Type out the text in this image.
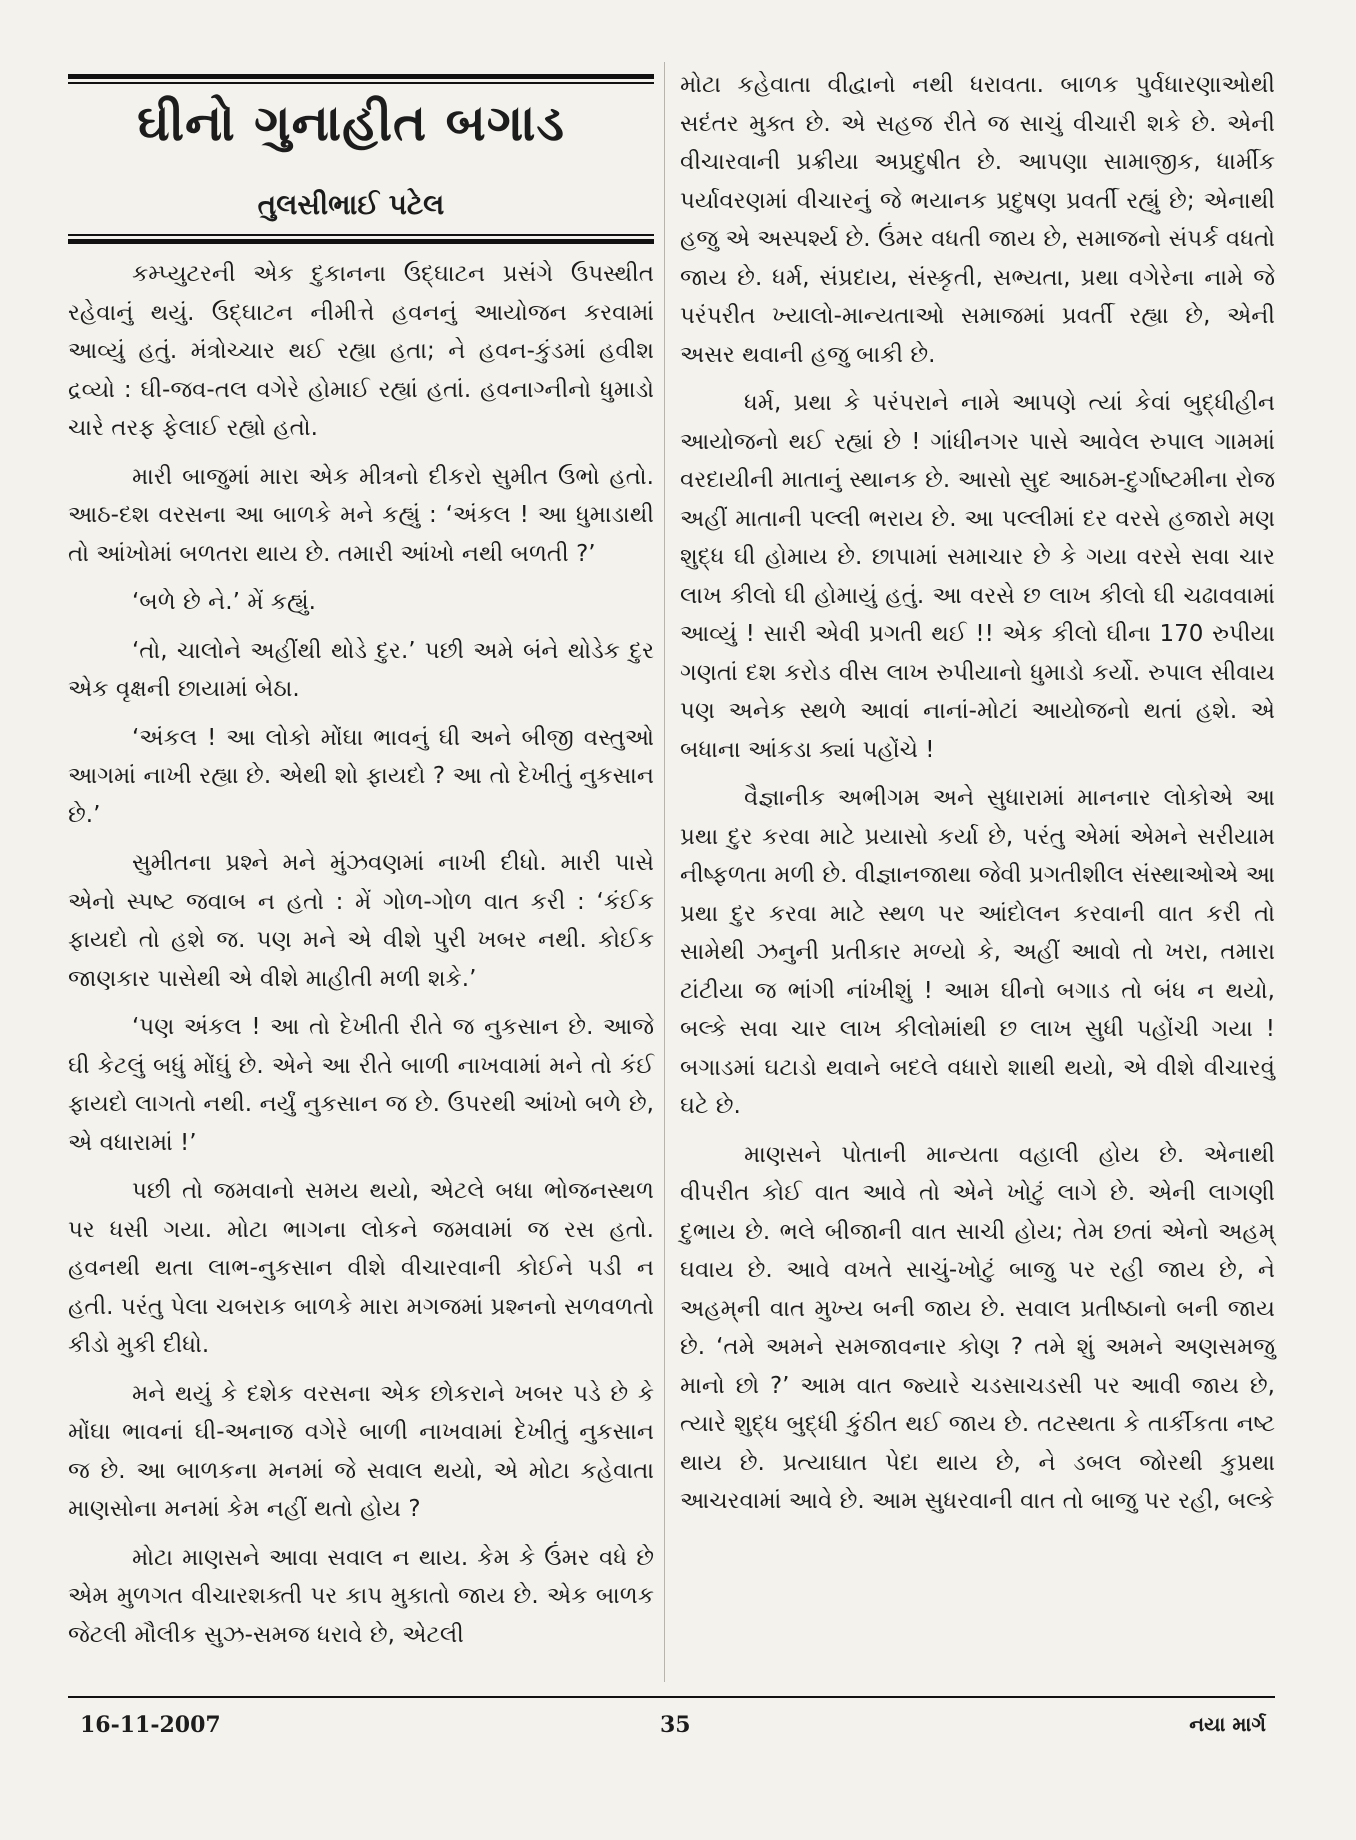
ઘીનો ગુનાહીત બગાડ
તુલસીભાઈ પટેલ

કમ્પ્યુટરની એક દુકાનના ઉદ્‌ઘાટન પ્રસંગે ઉપસ્થીત રહેવાનું થયું. ઉદ્‌ઘાટન નીમીત્તે હવનનું આયોજન કરવામાં આવ્યું હતું. મંત્રોચ્ચાર થઈ રહ્યા હતા; ને હવન-કુંડમાં હવીશ દ્રવ્યો : ઘી-જવ-તલ વગેરે હોમાઈ રહ્યાં હતાં. હવનાગ્નીનો ધુમાડો ચારે તરફ ફેલાઈ રહ્યો હતો.

મારી બાજુમાં મારા એક મીત્રનો દીકરો સુમીત ઉભો હતો. આઠ-દશ વરસના આ બાળકે મને કહ્યું : ‘અંકલ ! આ ધુમાડાથી તો આંખોમાં બળતરા થાય છે. તમારી આંખો નથી બળતી ?’

‘બળે છે ને.’ મેં કહ્યું.

‘તો, ચાલોને અહીંથી થોડે દુર.’ પછી અમે બંને થોડેક દુર એક વૃક્ષની છાયામાં બેઠા.

‘અંકલ ! આ લોકો મોંઘા ભાવનું ઘી અને બીજી વસ્તુઓ આગમાં નાખી રહ્યા છે. એથી શો ફાયદો ? આ તો દેખીતું નુકસાન છે.’

સુમીતના પ્રશ્ને મને મુંઝવણમાં નાખી દીધો. મારી પાસે એનો સ્પષ્ટ જવાબ ન હતો : મેં ગોળ-ગોળ વાત કરી : ‘કંઈક ફાયદો તો હશે જ. પણ મને એ વીશે પુરી ખબર નથી. કોઈક જાણકાર પાસેથી એ વીશે માહીતી મળી શકે.’

‘પણ અંકલ ! આ તો દેખીતી રીતે જ નુકસાન છે. આજે ઘી કેટલું બધું મોંઘું છે. એને આ રીતે બાળી નાખવામાં મને તો કંઈ ફાયદો લાગતો નથી. નર્યું નુકસાન જ છે. ઉપરથી આંખો બળે છે, એ વધારામાં !’

પછી તો જમવાનો સમય થયો, એટલે બધા ભોજનસ્થળ પર ધસી ગયા. મોટા ભાગના લોકને જમવામાં જ રસ હતો. હવનથી થતા લાભ-નુકસાન વીશે વીચારવાની કોઈને પડી ન હતી. પરંતુ પેલા ચબરાક બાળકે મારા મગજમાં પ્રશ્નનો સળવળતો કીડો મુકી દીધો.

મને થયું કે દશેક વરસના એક છોકરાને ખબર પડે છે કે મોંઘા ભાવનાં ઘી-અનાજ વગેરે બાળી નાખવામાં દેખીતું નુકસાન જ છે. આ બાળકના મનમાં જે સવાલ થયો, એ મોટા કહેવાતા માણસોના મનમાં કેમ નહીં થતો હોય ?

મોટા માણસને આવા સવાલ ન થાય. કેમ કે ઉંમર વધે છે એમ મુળગત વીચારશક્તી પર કાપ મુકાતો જાય છે. એક બાળક જેટલી મૌલીક સુઝ-સમજ ધરાવે છે, એટલી

મોટા કહેવાતા વીદ્વાનો નથી ધરાવતા. બાળક પુર્વધારણાઓથી સદંતર મુક્ત છે. એ સહજ રીતે જ સાચું વીચારી શકે છે. એની વીચારવાની પ્રક્રીયા અપ્રદુષીત છે. આપણા સામાજીક, ધાર્મીક પર્યાવરણમાં વીચારનું જે ભયાનક પ્રદુષણ પ્રવર્તી રહ્યું છે; એનાથી હજુ એ અસ્પર્શ્ય છે. ઉંમર વધતી જાય છે, સમાજનો સંપર્ક વધતો જાય છે. ધર્મ, સંપ્રદાય, સંસ્કૃતી, સભ્યતા, પ્રથા વગેરેના નામે જે પરંપરીત ખ્યાલો-માન્યતાઓ સમાજમાં પ્રવર્તી રહ્યા છે, એની અસર થવાની હજુ બાકી છે.

ધર્મ, પ્રથા કે પરંપરાને નામે આપણે ત્યાં કેવાં બુદ્ધીહીન આયોજનો થઈ રહ્યાં છે ! ગાંધીનગર પાસે આવેલ રુપાલ ગામમાં વરદાયીની માતાનું સ્થાનક છે. આસો સુદ આઠમ-દુર્ગાષ્ટમીના રોજ અહીં માતાની પલ્લી ભરાય છે. આ પલ્લીમાં દર વરસે હજારો મણ શુદ્ધ ઘી હોમાય છે. છાપામાં સમાચાર છે કે ગયા વરસે સવા ચાર લાખ કીલો ઘી હોમાયું હતું. આ વરસે છ લાખ કીલો ઘી ચઢાવવામાં આવ્યું ! સારી એવી પ્રગતી થઈ !! એક કીલો ઘીના 170 રુપીયા ગણતાં દશ કરોડ વીસ લાખ રુપીયાનો ધુમાડો કર્યો. રુપાલ સીવાય પણ અનેક સ્થળે આવાં નાનાં-મોટાં આયોજનો થતાં હશે. એ બધાના આંકડા ક્યાં પહોંચે !

વૈજ્ઞાનીક અભીગમ અને સુધારામાં માનનાર લોકોએ આ પ્રથા દુર કરવા માટે પ્રયાસો કર્યા છે, પરંતુ એમાં એમને સરીયામ નીષ્ફળતા મળી છે. વીજ્ઞાનજાથા જેવી પ્રગતીશીલ સંસ્થાઓએ આ પ્રથા દુર કરવા માટે સ્થળ પર આંદોલન કરવાની વાત કરી તો સામેથી ઝનુની પ્રતીકાર મળ્યો કે, અહીં આવો તો ખરા, તમારા ટાંટીયા જ ભાંગી નાંખીશું ! આમ ઘીનો બગાડ તો બંધ ન થયો, બલ્કે સવા ચાર લાખ કીલોમાંથી છ લાખ સુધી પહોંચી ગયા ! બગાડમાં ઘટાડો થવાને બદલે વધારો શાથી થયો, એ વીશે વીચારવું ઘટે છે.

માણસને પોતાની માન્યતા વહાલી હોય છે. એનાથી વીપરીત કોઈ વાત આવે તો એને ખોટું લાગે છે. એની લાગણી દુભાય છે. ભલે બીજાની વાત સાચી હોય; તેમ છતાં એનો અહમ્ ઘવાય છે. આવે વખતે સાચું-ખોટું બાજુ પર રહી જાય છે, ને અહમ્‌ની વાત મુખ્ય બની જાય છે. સવાલ પ્રતીષ્ઠાનો બની જાય છે. ‘તમે અમને સમજાવનાર કોણ ? તમે શું અમને અણસમજુ માનો છો ?’ આમ વાત જ્યારે ચડસાચડસી પર આવી જાય છે, ત્યારે શુદ્ધ બુદ્ધી કુંઠીત થઈ જાય છે. તટસ્થતા કે તાર્કીકતા નષ્ટ થાય છે. પ્રત્યાઘાત પેદા થાય છે, ને ડબલ જોરથી કુપ્રથા આચરવામાં આવે છે. આમ સુધરવાની વાત તો બાજુ પર રહી, બલ્કે

16-11-2007	35	નયા માર્ગ
